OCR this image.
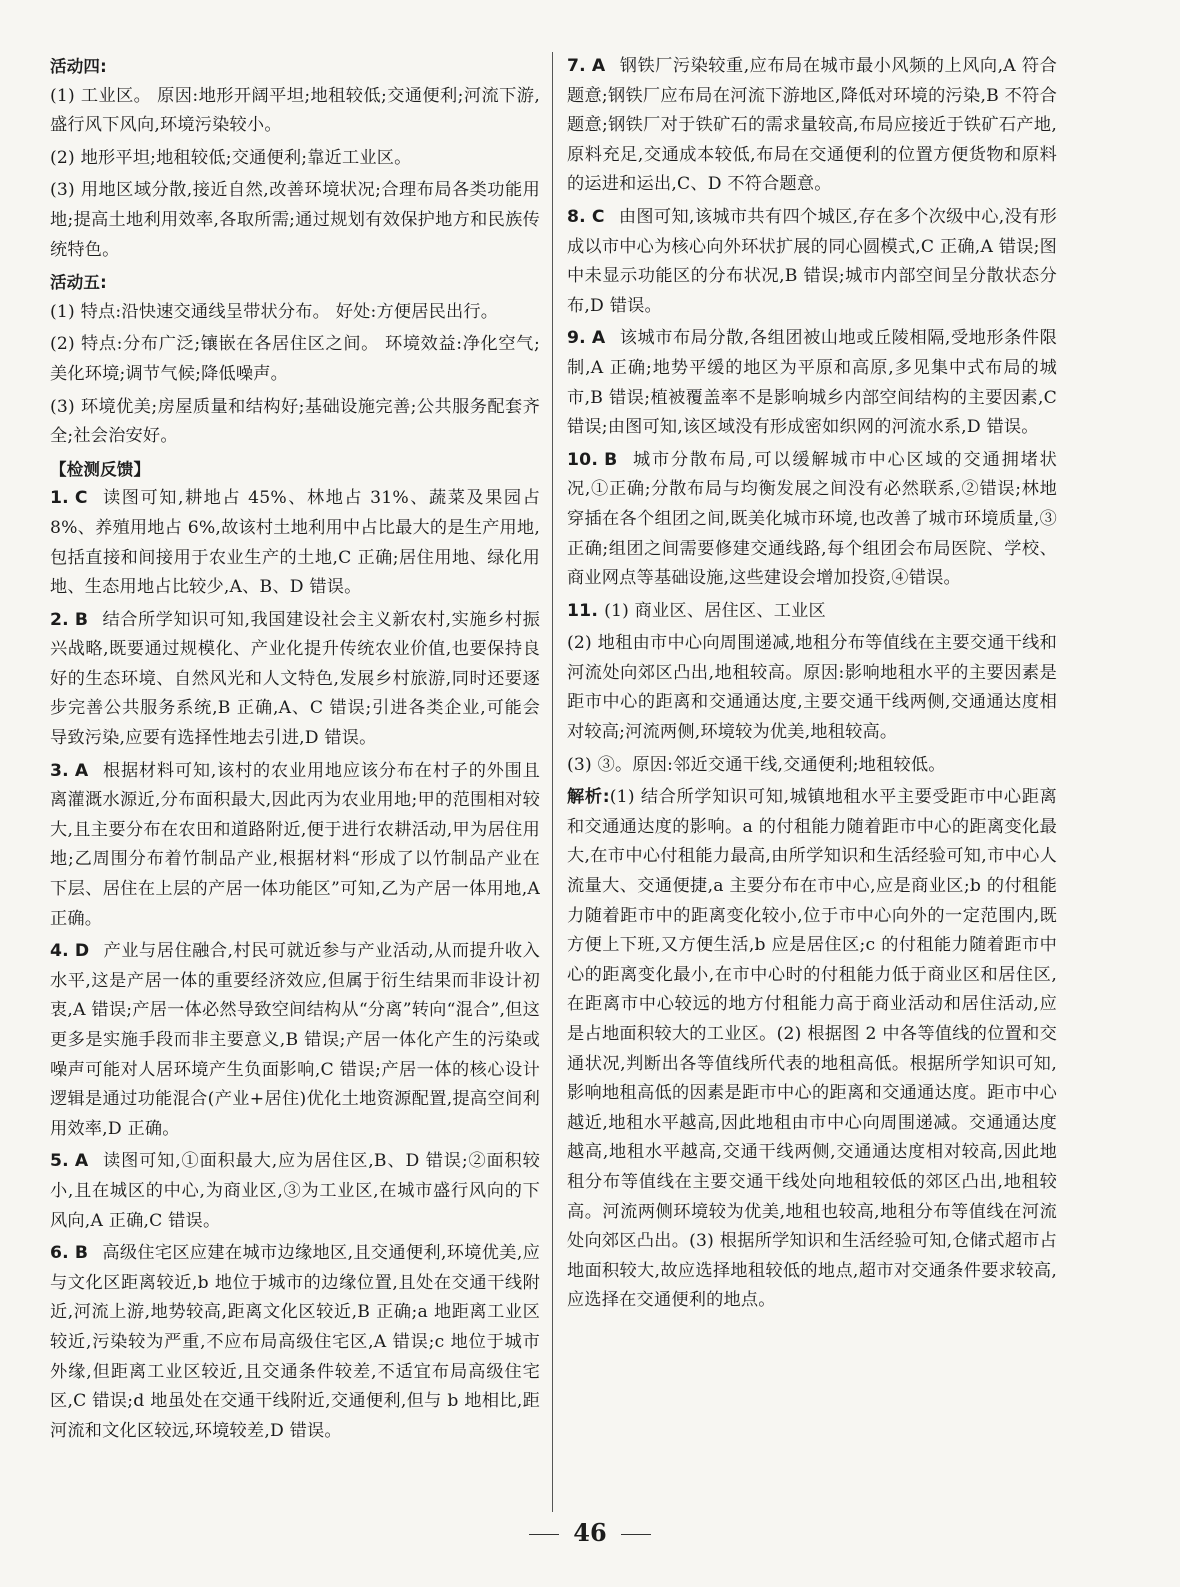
活动四:

(1) 工业区。 原因:地形开阔平坦;地租较低;交通便利;河流下游,盛行风下风向,环境污染较小。

(2) 地形平坦;地租较低;交通便利;靠近工业区。

(3) 用地区域分散,接近自然,改善环境状况;合理布局各类功能用地;提高土地利用效率,各取所需;通过规划有效保护地方和民族传统特色。

活动五:

(1) 特点:沿快速交通线呈带状分布。 好处:方便居民出行。

(2) 特点:分布广泛;镶嵌在各居住区之间。 环境效益:净化空气;美化环境;调节气候;降低噪声。

(3) 环境优美;房屋质量和结构好;基础设施完善;公共服务配套齐全;社会治安好。

【检测反馈】

1. C 读图可知,耕地占 45%、林地占 31%、蔬菜及果园占 8%、养殖用地占 6%,故该村土地利用中占比最大的是生产用地,包括直接和间接用于农业生产的土地,C 正确;居住用地、绿化用地、生态用地占比较少,A、B、D 错误。

2. B 结合所学知识可知,我国建设社会主义新农村,实施乡村振兴战略,既要通过规模化、产业化提升传统农业价值,也要保持良好的生态环境、自然风光和人文特色,发展乡村旅游,同时还要逐步完善公共服务系统,B 正确,A、C 错误;引进各类企业,可能会导致污染,应要有选择性地去引进,D 错误。

3. A 根据材料可知,该村的农业用地应该分布在村子的外围且离灌溉水源近,分布面积最大,因此丙为农业用地;甲的范围相对较大,且主要分布在农田和道路附近,便于进行农耕活动,甲为居住用地;乙周围分布着竹制品产业,根据材料“形成了以竹制品产业在下层、居住在上层的产居一体功能区”可知,乙为产居一体用地,A 正确。

4. D 产业与居住融合,村民可就近参与产业活动,从而提升收入水平,这是产居一体的重要经济效应,但属于衍生结果而非设计初衷,A 错误;产居一体必然导致空间结构从“分离”转向“混合”,但这更多是实施手段而非主要意义,B 错误;产居一体化产生的污染或噪声可能对人居环境产生负面影响,C 错误;产居一体的核心设计逻辑是通过功能混合(产业+居住)优化土地资源配置,提高空间利用效率,D 正确。

5. A 读图可知,①面积最大,应为居住区,B、D 错误;②面积较小,且在城区的中心,为商业区,③为工业区,在城市盛行风向的下风向,A 正确,C 错误。

6. B 高级住宅区应建在城市边缘地区,且交通便利,环境优美,应与文化区距离较近,b 地位于城市的边缘位置,且处在交通干线附近,河流上游,地势较高,距离文化区较近,B 正确;a 地距离工业区较近,污染较为严重,不应布局高级住宅区,A 错误;c 地位于城市外缘,但距离工业区较近,且交通条件较差,不适宜布局高级住宅区,C 错误;d 地虽处在交通干线附近,交通便利,但与 b 地相比,距河流和文化区较远,环境较差,D 错误。

7. A 钢铁厂污染较重,应布局在城市最小风频的上风向,A 符合题意;钢铁厂应布局在河流下游地区,降低对环境的污染,B 不符合题意;钢铁厂对于铁矿石的需求量较高,布局应接近于铁矿石产地,原料充足,交通成本较低,布局在交通便利的位置方便货物和原料的运进和运出,C、D 不符合题意。

8. C 由图可知,该城市共有四个城区,存在多个次级中心,没有形成以市中心为核心向外环状扩展的同心圆模式,C 正确,A 错误;图中未显示功能区的分布状况,B 错误;城市内部空间呈分散状态分布,D 错误。

9. A 该城市布局分散,各组团被山地或丘陵相隔,受地形条件限制,A 正确;地势平缓的地区为平原和高原,多见集中式布局的城市,B 错误;植被覆盖率不是影响城乡内部空间结构的主要因素,C 错误;由图可知,该区域没有形成密如织网的河流水系,D 错误。

10. B 城市分散布局,可以缓解城市中心区域的交通拥堵状况,①正确;分散布局与均衡发展之间没有必然联系,②错误;林地穿插在各个组团之间,既美化城市环境,也改善了城市环境质量,③正确;组团之间需要修建交通线路,每个组团会布局医院、学校、商业网点等基础设施,这些建设会增加投资,④错误。

11. (1) 商业区、居住区、工业区

(2) 地租由市中心向周围递减,地租分布等值线在主要交通干线和河流处向郊区凸出,地租较高。原因:影响地租水平的主要因素是距市中心的距离和交通通达度,主要交通干线两侧,交通通达度相对较高;河流两侧,环境较为优美,地租较高。

(3) ③。原因:邻近交通干线,交通便利;地租较低。

解析:(1) 结合所学知识可知,城镇地租水平主要受距市中心距离和交通通达度的影响。a 的付租能力随着距市中心的距离变化最大,在市中心付租能力最高,由所学知识和生活经验可知,市中心人流量大、交通便捷,a 主要分布在市中心,应是商业区;b 的付租能力随着距市中的距离变化较小,位于市中心向外的一定范围内,既方便上下班,又方便生活,b 应是居住区;c 的付租能力随着距市中心的距离变化最小,在市中心时的付租能力低于商业区和居住区,在距离市中心较远的地方付租能力高于商业活动和居住活动,应是占地面积较大的工业区。(2) 根据图 2 中各等值线的位置和交通状况,判断出各等值线所代表的地租高低。根据所学知识可知,影响地租高低的因素是距市中心的距离和交通通达度。距市中心越近,地租水平越高,因此地租由市中心向周围递减。交通通达度越高,地租水平越高,交通干线两侧,交通通达度相对较高,因此地租分布等值线在主要交通干线处向地租较低的郊区凸出,地租较高。河流两侧环境较为优美,地租也较高,地租分布等值线在河流处向郊区凸出。(3) 根据所学知识和生活经验可知,仓储式超市占地面积较大,故应选择地租较低的地点,超市对交通条件要求较高,应选择在交通便利的地点。

46
